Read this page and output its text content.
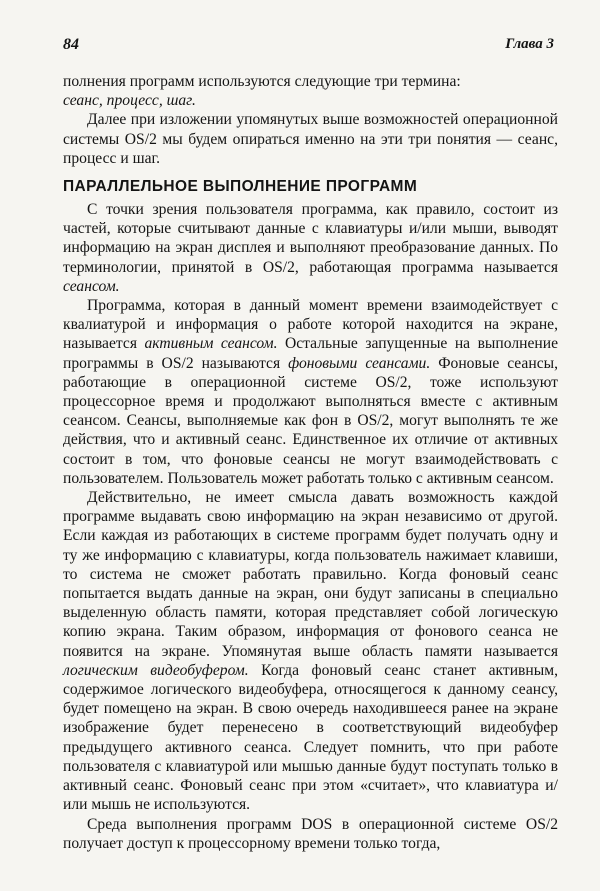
84	Глава 3

полнения программ используются следующие три термина:
сеанс, процесс, шаг.

Далее при изложении упомянутых выше возможностей операционной системы OS/2 мы будем опираться именно на эти три понятия — сеанс, процесс и шаг.

ПАРАЛЛЕЛЬНОЕ ВЫПОЛНЕНИЕ ПРОГРАММ

С точки зрения пользователя программа, как правило, состоит из частей, которые считывают данные с клавиатуры и/или мыши, выводят информацию на экран дисплея и выполняют преобразование данных. По терминологии, принятой в OS/2, работающая программа называется сеансом.

Программа, которая в данный момент времени взаимодействует с квалиатурой и информация о работе которой находится на экране, называется активным сеансом. Остальные запущенные на выполнение программы в OS/2 называются фоновыми сеансами. Фоновые сеансы, работающие в операционной системе OS/2, тоже используют процессорное время и продолжают выполняться вместе с активным сеансом. Сеансы, выполняемые как фон в OS/2, могут выполнять те же действия, что и активный сеанс. Единственное их отличие от активных состоит в том, что фоновые сеансы не могут взаимодействовать с пользователем. Пользователь может работать только с активным сеансом.

Действительно, не имеет смысла давать возможность каждой программе выдавать свою информацию на экран независимо от другой. Если каждая из работающих в системе программ будет получать одну и ту же информацию с клавиатуры, когда пользователь нажимает клавиши, то система не сможет работать правильно. Когда фоновый сеанс попытается выдать данные на экран, они будут записаны в специально выделенную область памяти, которая представляет собой логическую копию экрана. Таким образом, информация от фонового сеанса не появится на экране. Упомянутая выше область памяти называется логическим видеобуфером. Когда фоновый сеанс станет активным, содержимое логического видеобуфера, относящегося к данному сеансу, будет помещено на экран. В свою очередь находившееся ранее на экране изображение будет перенесено в соответствующий видеобуфер предыдущего активного сеанса. Следует помнить, что при работе пользователя с клавиатурой или мышью данные будут поступать только в активный сеанс. Фоновый сеанс при этом «считает», что клавиатура и/или мышь не используются.

Среда выполнения программ DOS в операционной системе OS/2 получает доступ к процессорному времени только тогда,
